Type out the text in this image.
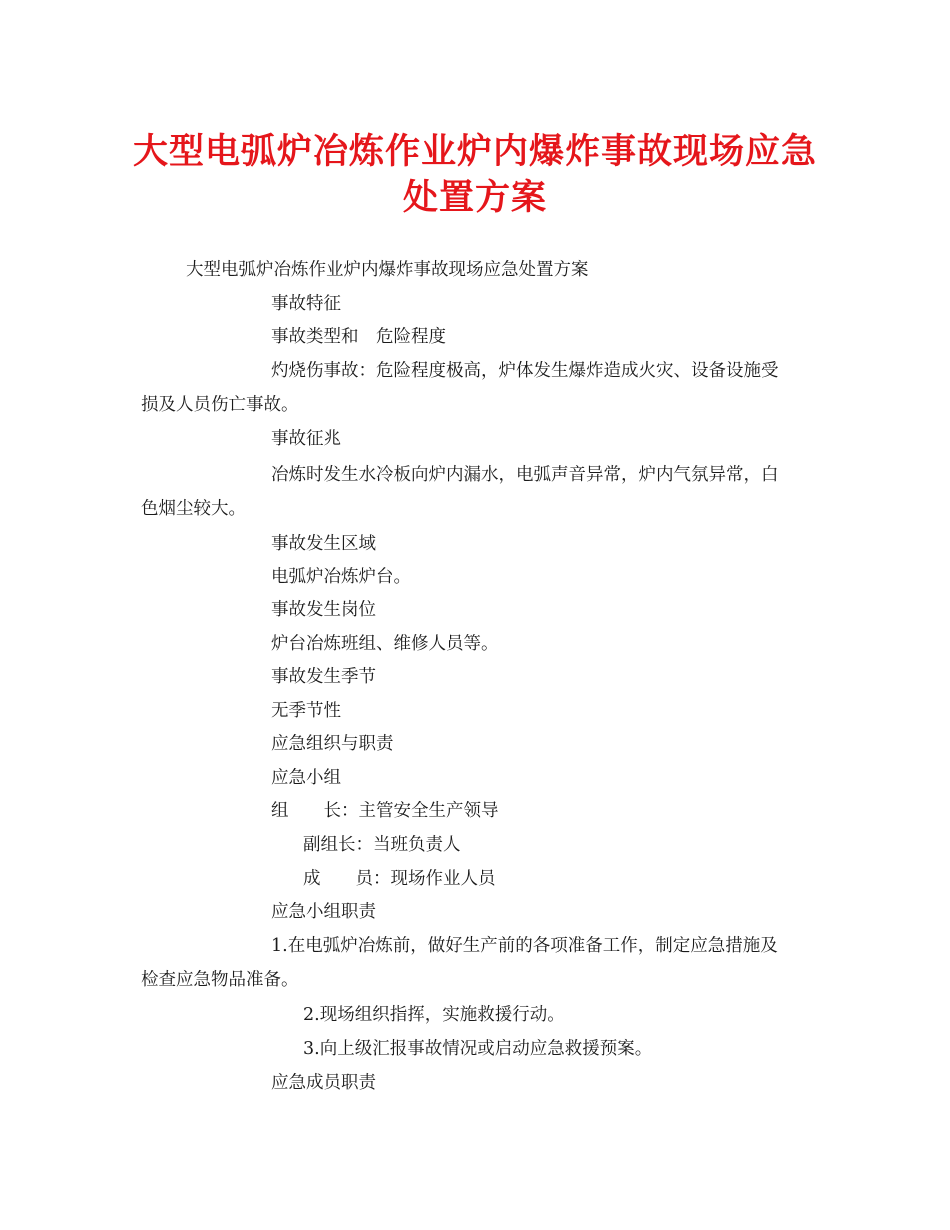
大型电弧炉冶炼作业炉内爆炸事故现场应急
处置方案
大型电弧炉冶炼作业炉内爆炸事故现场应急处置方案
事故特征
事故类型和　危险程度
灼烧伤事故：危险程度极高，炉体发生爆炸造成火灾、设备设施受
损及人员伤亡事故。
事故征兆
冶炼时发生水冷板向炉内漏水，电弧声音异常，炉内气氛异常，白
色烟尘较大。
事故发生区域
电弧炉冶炼炉台。
事故发生岗位
炉台冶炼班组、维修人员等。
事故发生季节
无季节性
应急组织与职责
应急小组
组　　长：主管安全生产领导
副组长：当班负责人
成　　员：现场作业人员
应急小组职责
1.在电弧炉冶炼前，做好生产前的各项准备工作，制定应急措施及
检查应急物品准备。
2.现场组织指挥，实施救援行动。
3.向上级汇报事故情况或启动应急救援预案。
应急成员职责
